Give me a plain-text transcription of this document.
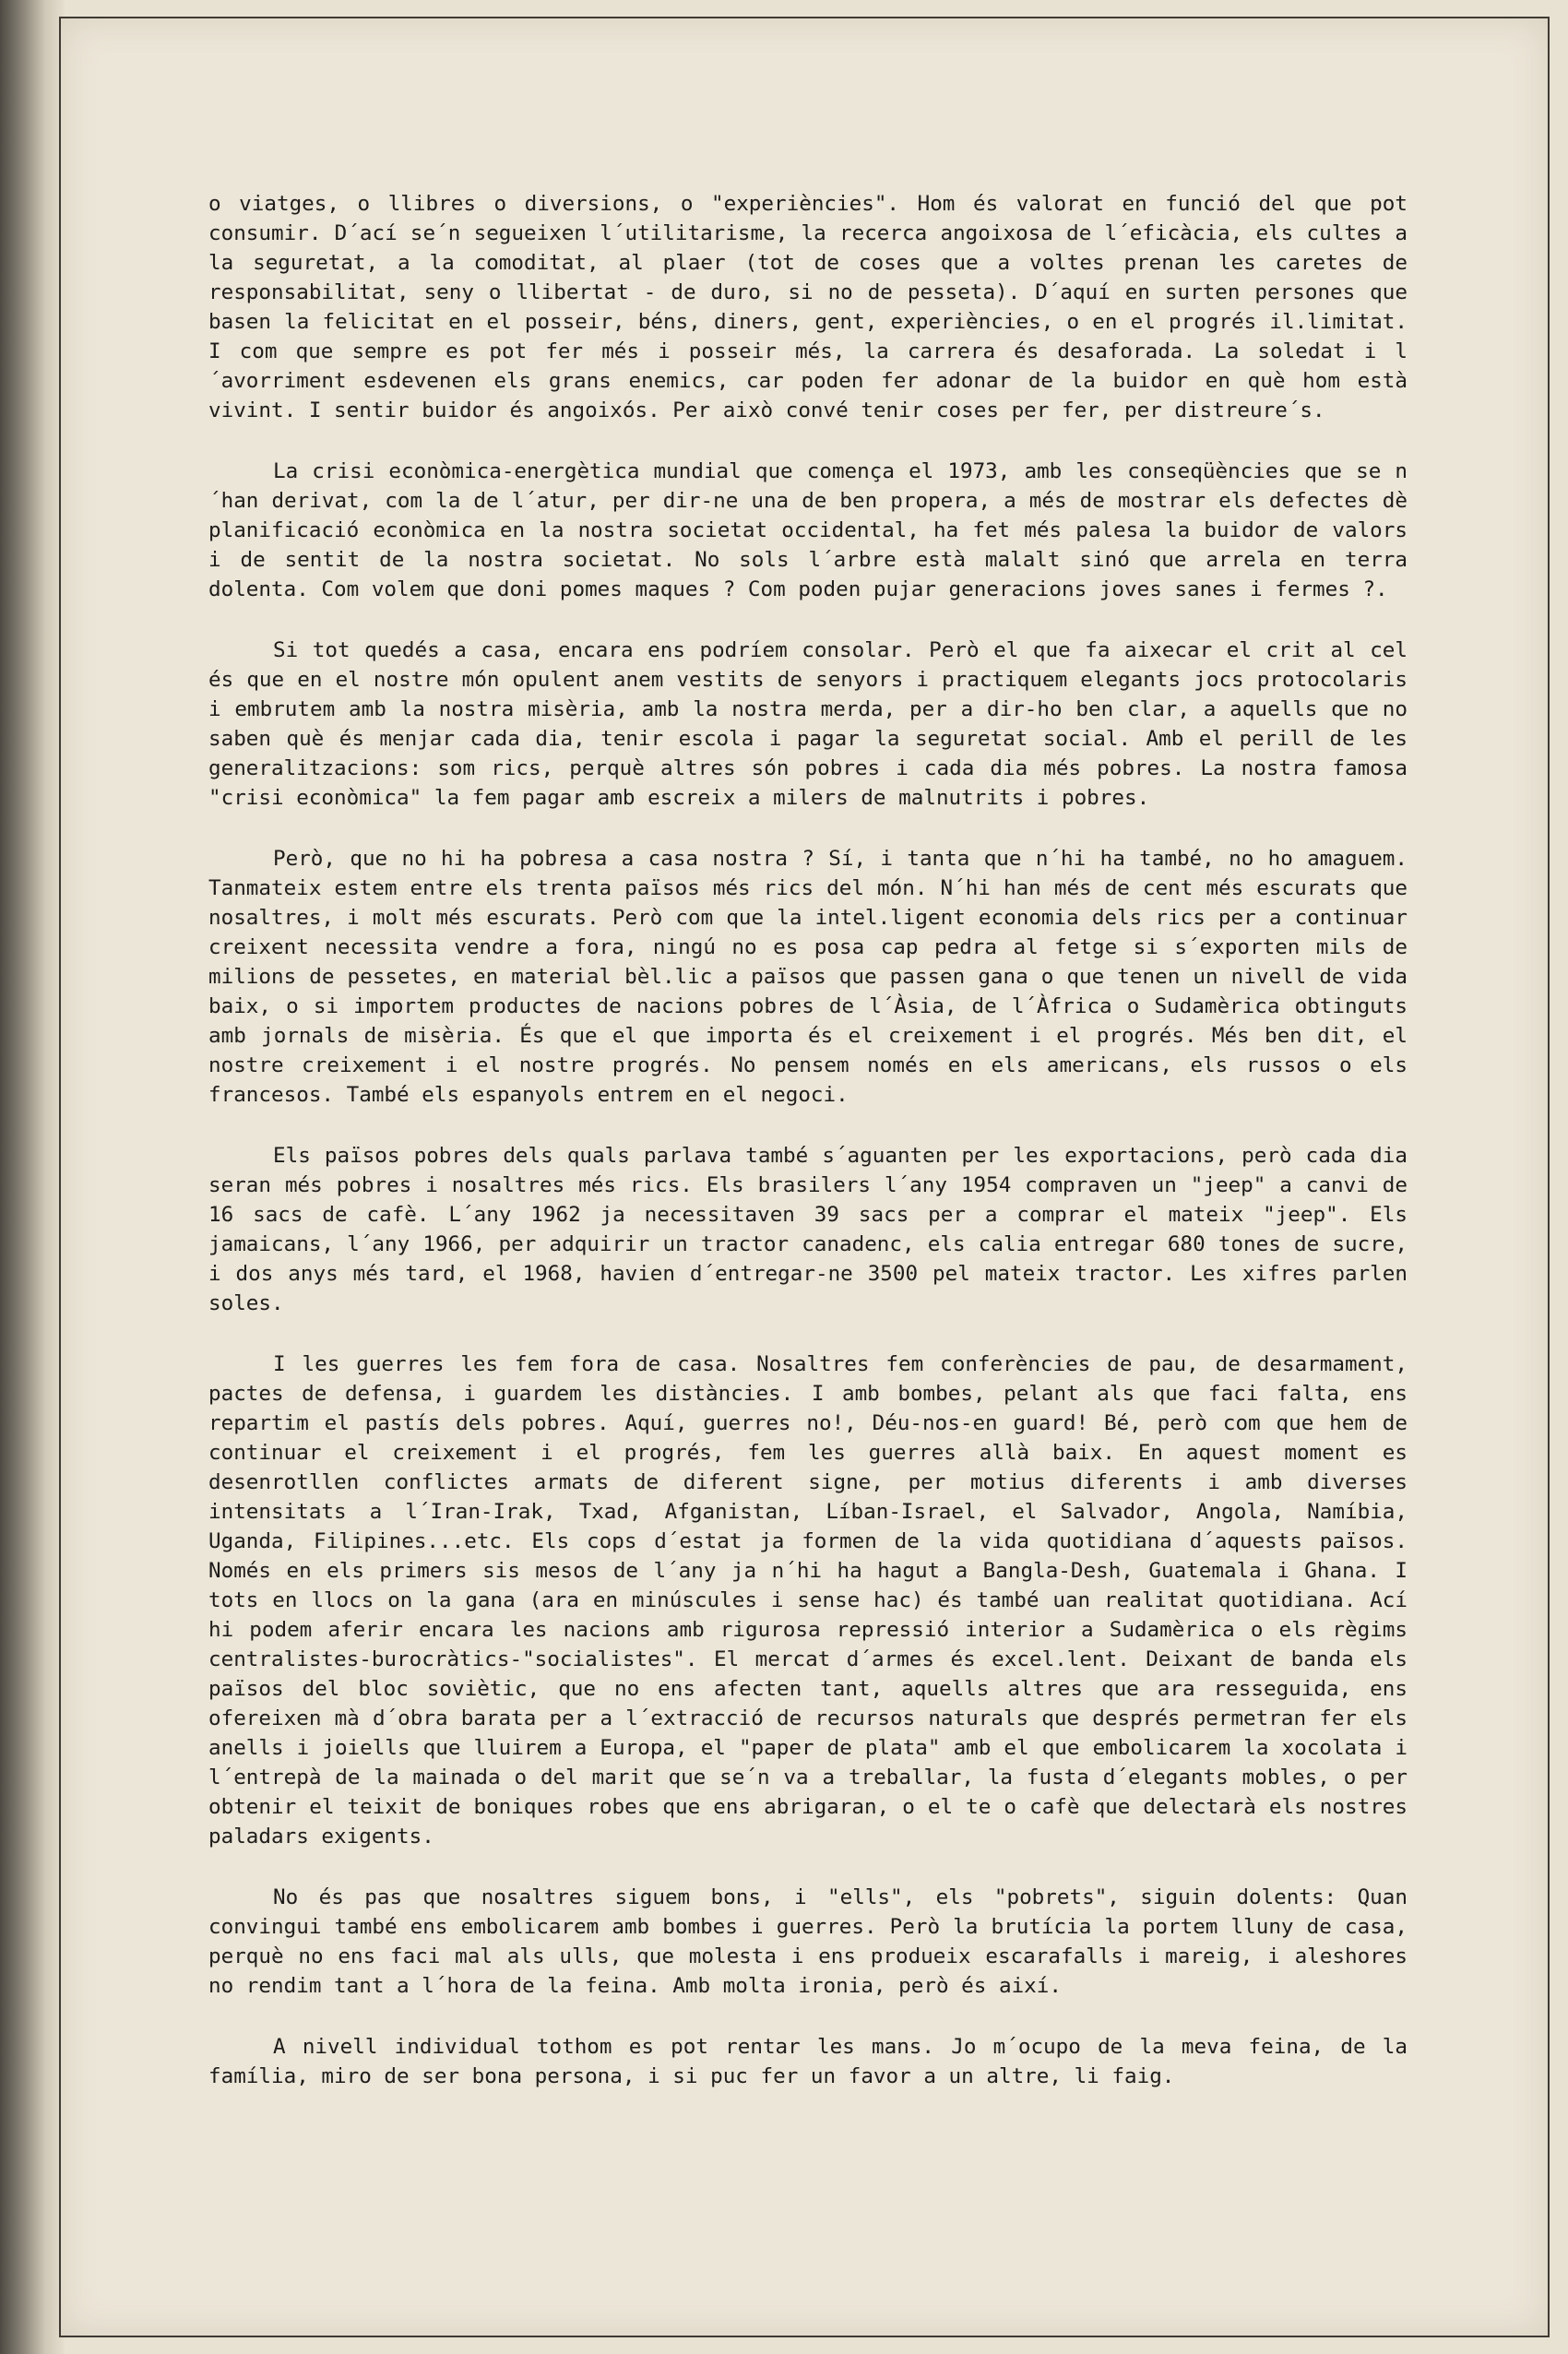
o viatges, o llibres o diversions, o "experiències". Hom és valorat en funció del que pot consumir. D´ací se´n segueixen l´utilitarisme, la recerca angoixosa de l´eficàcia, els cultes a la seguretat, a la comoditat, al plaer (tot de coses que a voltes prenan les caretes de responsabilitat, seny o llibertat - de duro, si no de pesseta). D´aquí en surten persones que basen la felicitat en el posseir, béns, diners, gent, experiències, o en el progrés il.limitat. I com que sempre es pot fer més i posseir més, la carrera és desaforada. La soledat i l´avorriment esdevenen els grans enemics, car poden fer adonar de la buidor en què hom està vivint. I sentir buidor és angoixós. Per això convé tenir coses per fer, per distreure´s.

La crisi econòmica-energètica mundial que comença el 1973, amb les conseqüències que se n´han derivat, com la de l´atur, per dir-ne una de ben propera, a més de mostrar els defectes dè planificació econòmica en la nostra societat occidental, ha fet més palesa la buidor de valors i de sentit de la nostra societat. No sols l´arbre està malalt sinó que arrela en terra dolenta. Com volem que doni pomes maques ? Com poden pujar generacions joves sanes i fermes ?.

Si tot quedés a casa, encara ens podríem consolar. Però el que fa aixecar el crit al cel és que en el nostre món opulent anem vestits de senyors i practiquem elegants jocs protocolaris i embrutem amb la nostra misèria, amb la nostra merda, per a dir-ho ben clar, a aquells que no saben què és menjar cada dia, tenir escola i pagar la seguretat social. Amb el perill de les generalitzacions: som rics, perquè altres són pobres i cada dia més pobres. La nostra famosa "crisi econòmica" la fem pagar amb escreix a milers de malnutrits i pobres.

Però, que no hi ha pobresa a casa nostra ? Sí, i tanta que n´hi ha també, no ho amaguem. Tanmateix estem entre els trenta països més rics del món. N´hi han més de cent més escurats que nosaltres, i molt més escurats. Però com que la intel.ligent economia dels rics per a continuar creixent necessita vendre a fora, ningú no es posa cap pedra al fetge si s´exporten mils de milions de pessetes, en material bèl.lic a països que passen gana o que tenen un nivell de vida baix, o si importem productes de nacions pobres de l´Àsia, de l´Àfrica o Sudamèrica obtinguts amb jornals de misèria. És que el que importa és el creixement i el progrés. Més ben dit, el nostre creixement i el nostre progrés. No pensem només en els americans, els russos o els francesos. També els espanyols entrem en el negoci.

Els països pobres dels quals parlava també s´aguanten per les exportacions, però cada dia seran més pobres i nosaltres més rics. Els brasilers l´any 1954 compraven un "jeep" a canvi de 16 sacs de cafè. L´any 1962 ja necessitaven 39 sacs per a comprar el mateix "jeep". Els jamaicans, l´any 1966, per adquirir un tractor canadenc, els calia entregar 680 tones de sucre, i dos anys més tard, el 1968, havien d´entregar-ne 3500 pel mateix tractor. Les xifres parlen soles.

I les guerres les fem fora de casa. Nosaltres fem conferències de pau, de desarmament, pactes de defensa, i guardem les distàncies. I amb bombes, pelant als que faci falta, ens repartim el pastís dels pobres. Aquí, guerres no!, Déu-nos-en guard! Bé, però com que hem de continuar el creixement i el progrés, fem les guerres allà baix. En aquest moment es desenrotllen conflictes armats de diferent signe, per motius diferents i amb diverses intensitats a l´Iran-Irak, Txad, Afganistan, Líban-Israel, el Salvador, Angola, Namíbia, Uganda, Filipines...etc. Els cops d´estat ja formen de la vida quotidiana d´aquests països. Només en els primers sis mesos de l´any ja n´hi ha hagut a Bangla-Desh, Guatemala i Ghana. I tots en llocs on la gana (ara en minúscules i sense hac) és també uan realitat quotidiana. Ací hi podem aferir encara les nacions amb rigurosa repressió interior a Sudamèrica o els règims centralistes-burocràtics-"socialistes". El mercat d´armes és excel.lent. Deixant de banda els països del bloc soviètic, que no ens afecten tant, aquells altres que ara resseguida, ens ofereixen mà d´obra barata per a l´extracció de recursos naturals que després permetran fer els anells i joiells que lluirem a Europa, el "paper de plata" amb el que embolicarem la xocolata i l´entrepà de la mainada o del marit que se´n va a treballar, la fusta d´elegants mobles, o per obtenir el teixit de boniques robes que ens abrigaran, o el te o cafè que delectarà els nostres paladars exigents.

No és pas que nosaltres siguem bons, i "ells", els "pobrets", siguin dolents: Quan convingui també ens embolicarem amb bombes i guerres. Però la brutícia la portem lluny de casa, perquè no ens faci mal als ulls, que molesta i ens produeix escarafalls i mareig, i aleshores no rendim tant a l´hora de la feina. Amb molta ironia, però és així.

A nivell individual tothom es pot rentar les mans. Jo m´ocupo de la meva feina, de la família, miro de ser bona persona, i si puc fer un favor a un altre, li faig.
